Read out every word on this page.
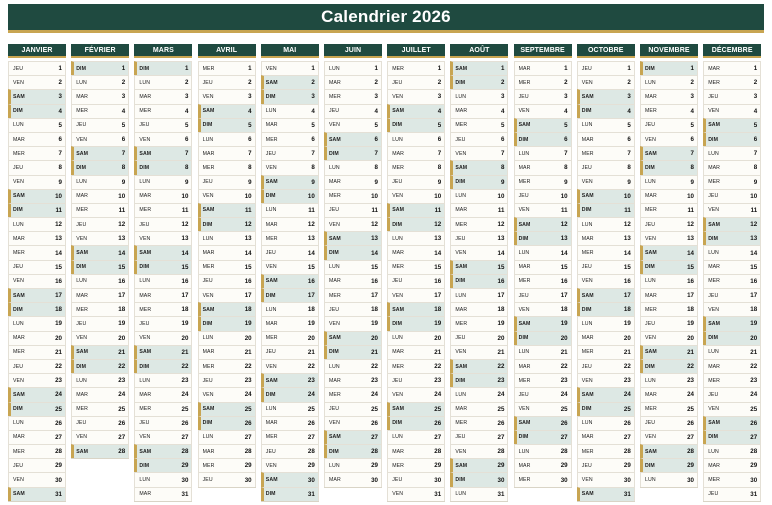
Calendrier 2026
JANVIER
JEU	1
VEN	2
SAM	3
DIM	4
LUN	5
MAR	6
MER	7
JEU	8
VEN	9
SAM	10
DIM	11
LUN	12
MAR	13
MER	14
JEU	15
VEN	16
SAM	17
DIM	18
LUN	19
MAR	20
MER	21
JEU	22
VEN	23
SAM	24
DIM	25
LUN	26
MAR	27
MER	28
JEU	29
VEN	30
SAM	31
FÉVRIER
DIM	1
LUN	2
MAR	3
MER	4
JEU	5
VEN	6
SAM	7
DIM	8
LUN	9
MAR	10
MER	11
JEU	12
VEN	13
SAM	14
DIM	15
LUN	16
MAR	17
MER	18
JEU	19
VEN	20
SAM	21
DIM	22
LUN	23
MAR	24
MER	25
JEU	26
VEN	27
SAM	28
MARS
DIM	1
LUN	2
MAR	3
MER	4
JEU	5
VEN	6
SAM	7
DIM	8
LUN	9
MAR	10
MER	11
JEU	12
VEN	13
SAM	14
DIM	15
LUN	16
MAR	17
MER	18
JEU	19
VEN	20
SAM	21
DIM	22
LUN	23
MAR	24
MER	25
JEU	26
VEN	27
SAM	28
DIM	29
LUN	30
MAR	31
AVRIL
MER	1
JEU	2
VEN	3
SAM	4
DIM	5
LUN	6
MAR	7
MER	8
JEU	9
VEN	10
SAM	11
DIM	12
LUN	13
MAR	14
MER	15
JEU	16
VEN	17
SAM	18
DIM	19
LUN	20
MAR	21
MER	22
JEU	23
VEN	24
SAM	25
DIM	26
LUN	27
MAR	28
MER	29
JEU	30
MAI
VEN	1
SAM	2
DIM	3
LUN	4
MAR	5
MER	6
JEU	7
VEN	8
SAM	9
DIM	10
LUN	11
MAR	12
MER	13
JEU	14
VEN	15
SAM	16
DIM	17
LUN	18
MAR	19
MER	20
JEU	21
VEN	22
SAM	23
DIM	24
LUN	25
MAR	26
MER	27
JEU	28
VEN	29
SAM	30
DIM	31
JUIN
LUN	1
MAR	2
MER	3
JEU	4
VEN	5
SAM	6
DIM	7
LUN	8
MAR	9
MER	10
JEU	11
VEN	12
SAM	13
DIM	14
LUN	15
MAR	16
MER	17
JEU	18
VEN	19
SAM	20
DIM	21
LUN	22
MAR	23
MER	24
JEU	25
VEN	26
SAM	27
DIM	28
LUN	29
MAR	30
JUILLET
MER	1
JEU	2
VEN	3
SAM	4
DIM	5
LUN	6
MAR	7
MER	8
JEU	9
VEN	10
SAM	11
DIM	12
LUN	13
MAR	14
MER	15
JEU	16
VEN	17
SAM	18
DIM	19
LUN	20
MAR	21
MER	22
JEU	23
VEN	24
SAM	25
DIM	26
LUN	27
MAR	28
MER	29
JEU	30
VEN	31
AOÛT
SAM	1
DIM	2
LUN	3
MAR	4
MER	5
JEU	6
VEN	7
SAM	8
DIM	9
LUN	10
MAR	11
MER	12
JEU	13
VEN	14
SAM	15
DIM	16
LUN	17
MAR	18
MER	19
JEU	20
VEN	21
SAM	22
DIM	23
LUN	24
MAR	25
MER	26
JEU	27
VEN	28
SAM	29
DIM	30
LUN	31
SEPTEMBRE
MAR	1
MER	2
JEU	3
VEN	4
SAM	5
DIM	6
LUN	7
MAR	8
MER	9
JEU	10
VEN	11
SAM	12
DIM	13
LUN	14
MAR	15
MER	16
JEU	17
VEN	18
SAM	19
DIM	20
LUN	21
MAR	22
MER	23
JEU	24
VEN	25
SAM	26
DIM	27
LUN	28
MAR	29
MER	30
OCTOBRE
JEU	1
VEN	2
SAM	3
DIM	4
LUN	5
MAR	6
MER	7
JEU	8
VEN	9
SAM	10
DIM	11
LUN	12
MAR	13
MER	14
JEU	15
VEN	16
SAM	17
DIM	18
LUN	19
MAR	20
MER	21
JEU	22
VEN	23
SAM	24
DIM	25
LUN	26
MAR	27
MER	28
JEU	29
VEN	30
SAM	31
NOVEMBRE
DIM	1
LUN	2
MAR	3
MER	4
JEU	5
VEN	6
SAM	7
DIM	8
LUN	9
MAR	10
MER	11
JEU	12
VEN	13
SAM	14
DIM	15
LUN	16
MAR	17
MER	18
JEU	19
VEN	20
SAM	21
DIM	22
LUN	23
MAR	24
MER	25
JEU	26
VEN	27
SAM	28
DIM	29
LUN	30
DÉCEMBRE
MAR	1
MER	2
JEU	3
VEN	4
SAM	5
DIM	6
LUN	7
MAR	8
MER	9
JEU	10
VEN	11
SAM	12
DIM	13
LUN	14
MAR	15
MER	16
JEU	17
VEN	18
SAM	19
DIM	20
LUN	21
MAR	22
MER	23
JEU	24
VEN	25
SAM	26
DIM	27
LUN	28
MAR	29
MER	30
JEU	31
